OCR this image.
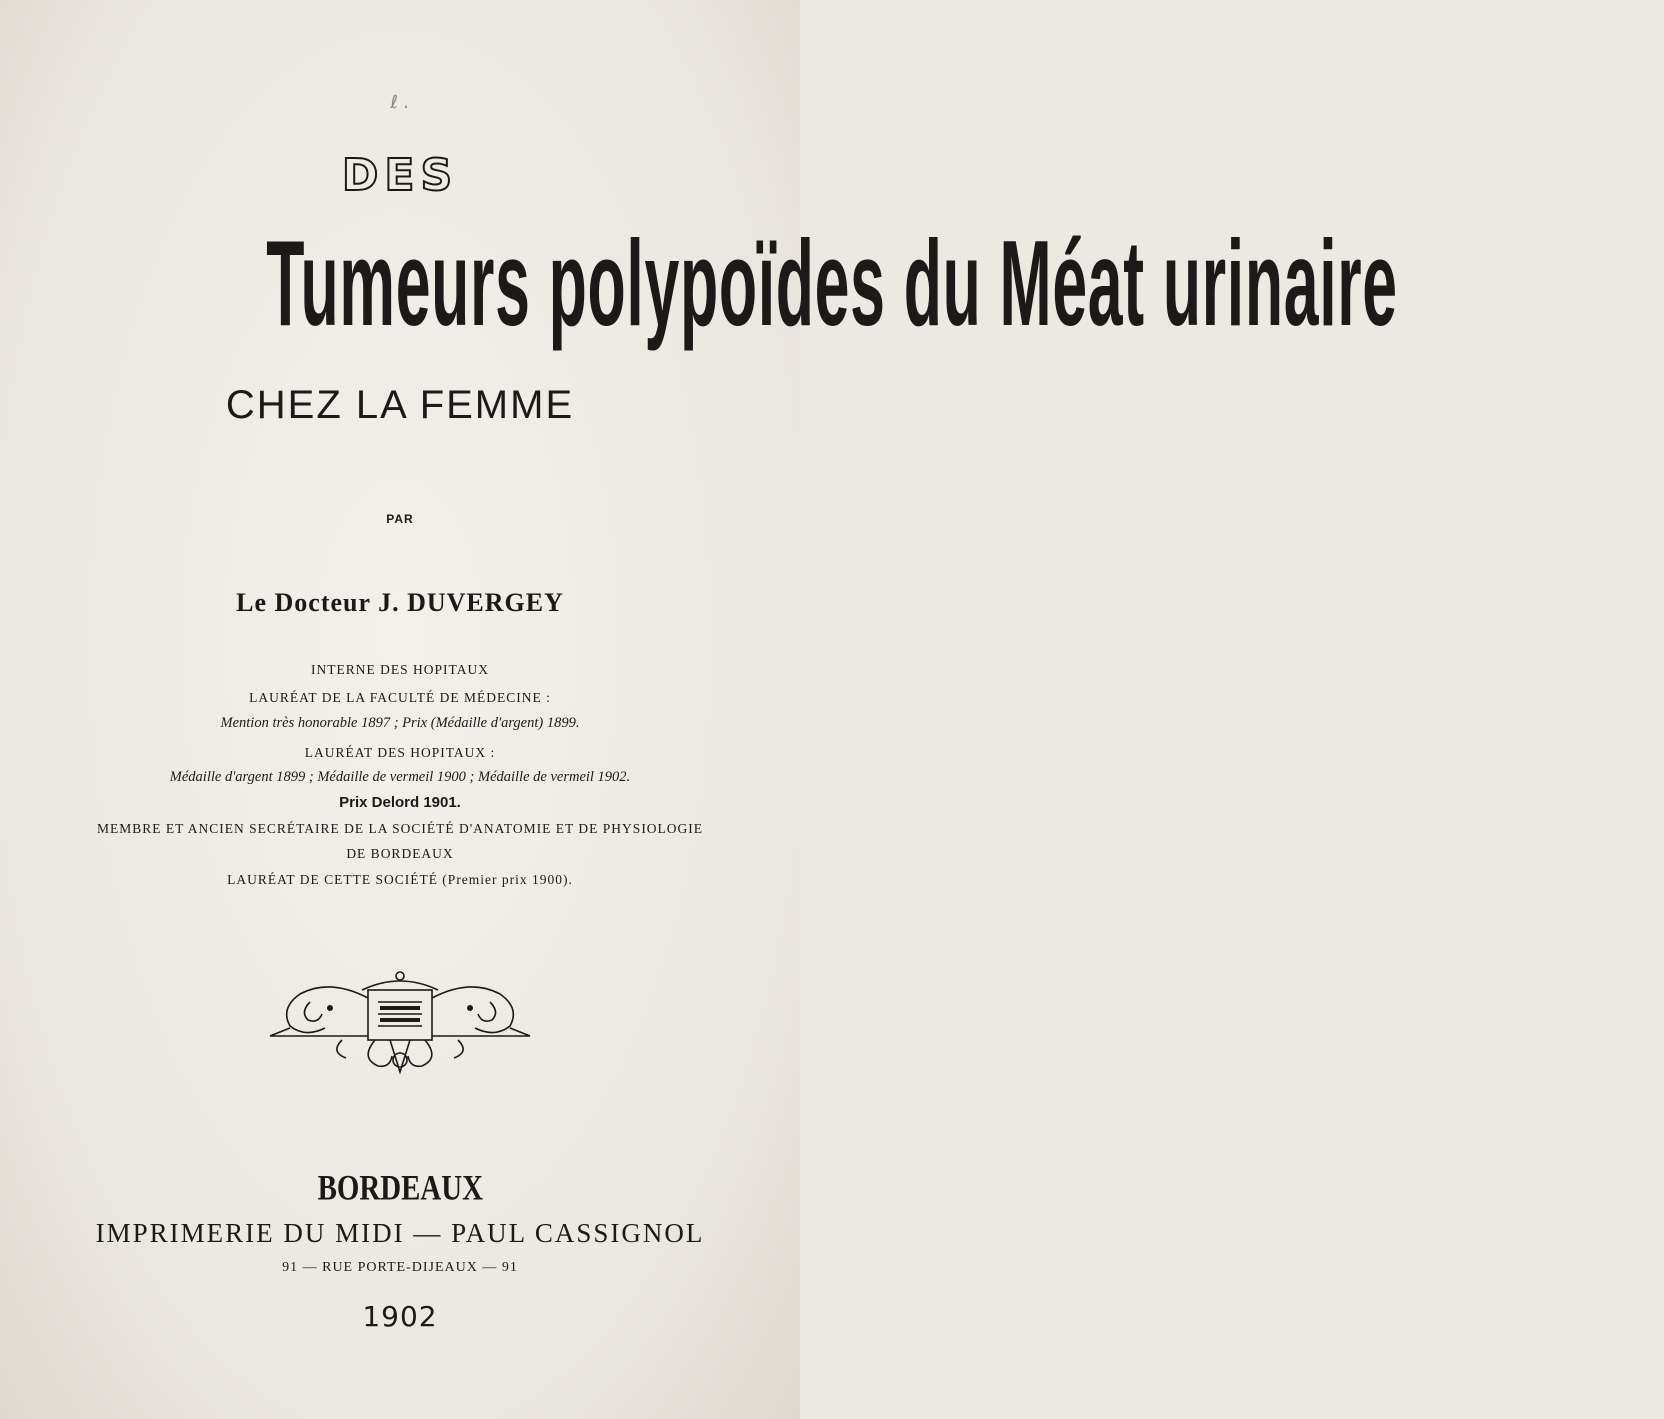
ℓ .
DES
Tumeurs polypoïdes du Méat urinaire
CHEZ LA FEMME
PAR
Le Docteur J. DUVERGEY
INTERNE DES HOPITAUX
LAURÉAT DE LA FACULTÉ DE MÉDECINE :
Mention très honorable 1897 ; Prix (Médaille d'argent) 1899.
LAURÉAT DES HOPITAUX :
Médaille d'argent 1899 ; Médaille de vermeil 1900 ; Médaille de vermeil 1902.
Prix Delord 1901.
MEMBRE ET ANCIEN SECRÉTAIRE DE LA SOCIÉTÉ D'ANATOMIE ET DE PHYSIOLOGIE
DE BORDEAUX
LAURÉAT DE CETTE SOCIÉTÉ (Premier prix 1900).
BORDEAUX
IMPRIMERIE DU MIDI — PAUL CASSIGNOL
91 — RUE PORTE-DIJEAUX — 91
1902
